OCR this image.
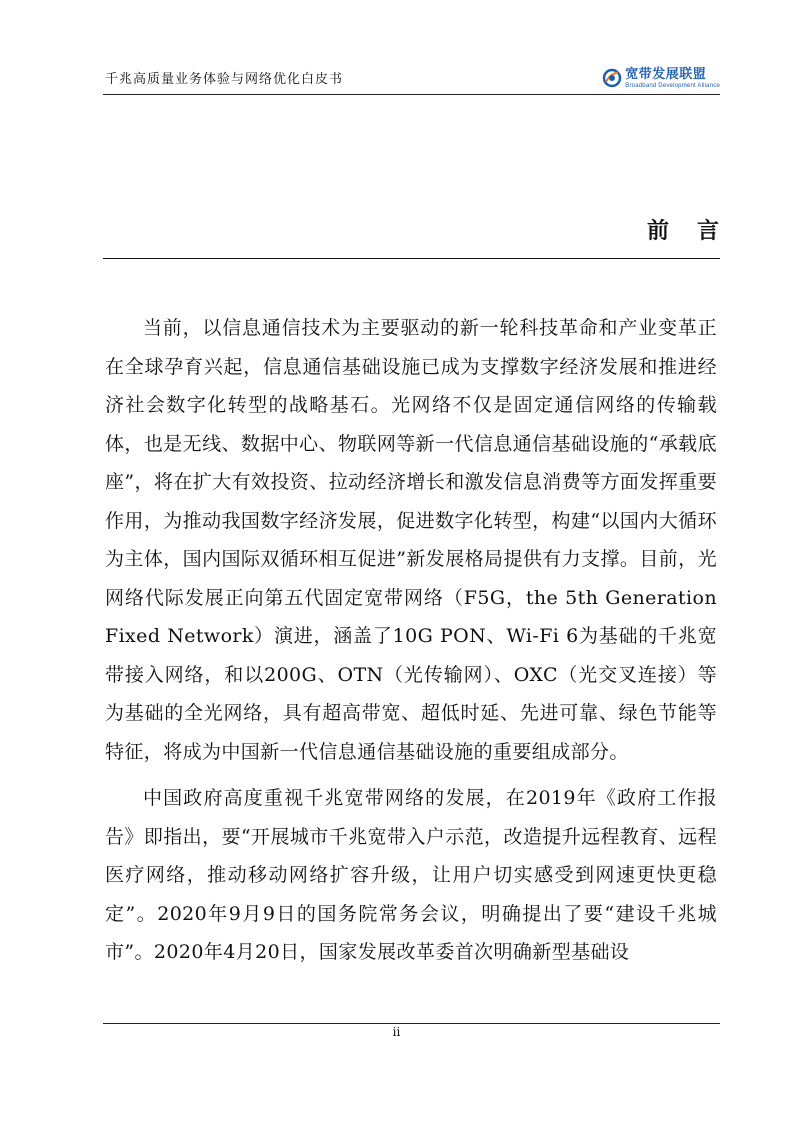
千兆高质量业务体验与网络优化白皮书	宽带发展联盟
Broadband Development Alliance
前言

当前，以信息通信技术为主要驱动的新一轮科技革命和产业变革正在全球孕育兴起，信息通信基础设施已成为支撑数字经济发展和推进经济社会数字化转型的战略基石。光网络不仅是固定通信网络的传输载体，也是无线、数据中心、物联网等新一代信息通信基础设施的“承载底座”，将在扩大有效投资、拉动经济增长和激发信息消费等方面发挥重要作用，为推动我国数字经济发展，促进数字化转型，构建“以国内大循环为主体，国内国际双循环相互促进”新发展格局提供有力支撑。目前，光网络代际发展正向第五代固定宽带网络（F5G，the 5th Generation Fixed Network）演进，涵盖了10G PON、Wi-Fi 6为基础的千兆宽带接入网络，和以200G、OTN（光传输网）、OXC（光交叉连接）等为基础的全光网络，具有超高带宽、超低时延、先进可靠、绿色节能等特征，将成为中国新一代信息通信基础设施的重要组成部分。

中国政府高度重视千兆宽带网络的发展，在2019年《政府工作报告》即指出，要“开展城市千兆宽带入户示范，改造提升远程教育、远程医疗网络，推动移动网络扩容升级，让用户切实感受到网速更快更稳定”。2020年9月9日的国务院常务会议，明确提出了要“建设千兆城市”。2020年4月20日，国家发展改革委首次明确新型基础设

ii
